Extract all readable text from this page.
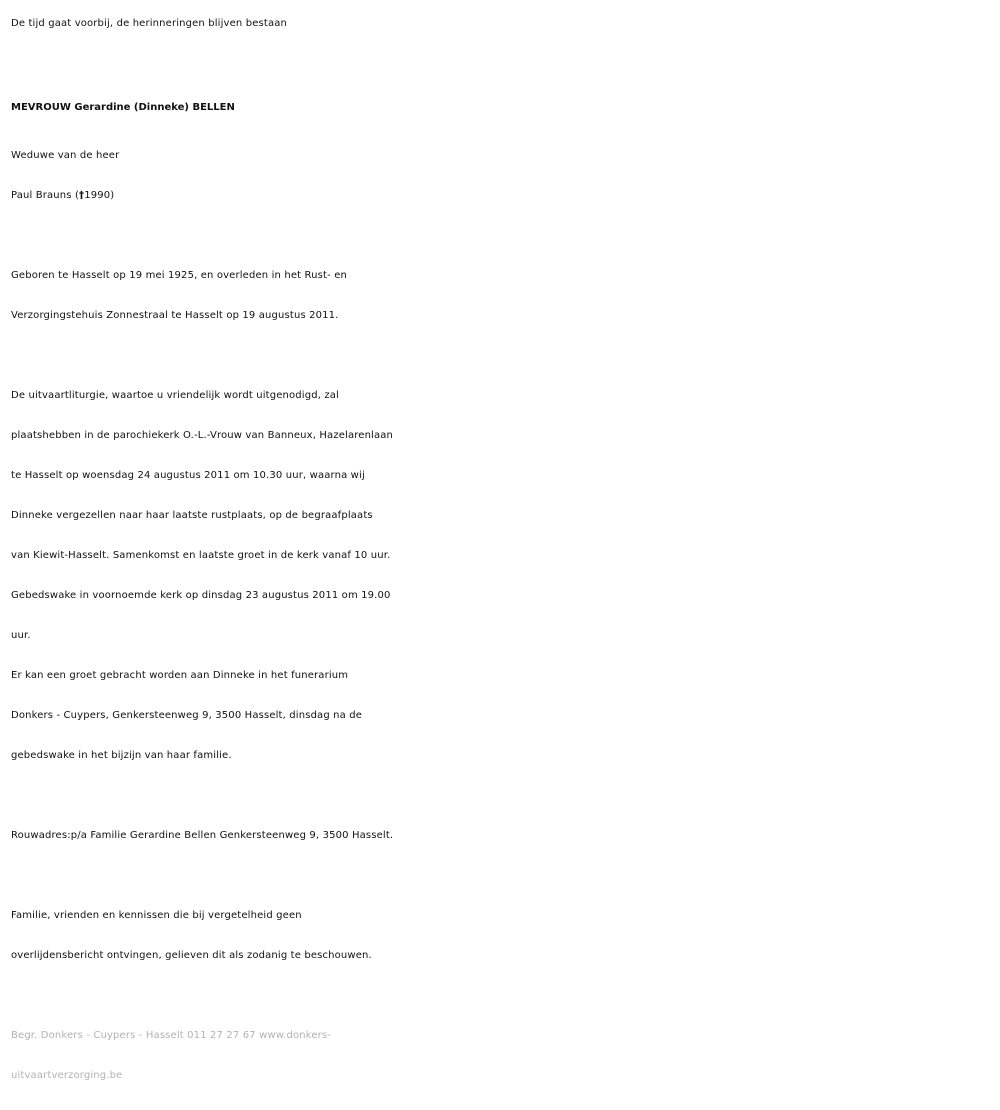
De tijd gaat voorbij, de herinneringen blijven bestaan
MEVROUW Gerardine (Dinneke) BELLEN
Weduwe van de heer
Paul Brauns (†1990)
Geboren te Hasselt op 19 mei 1925, en overleden in het Rust- en
Verzorgingstehuis Zonnestraal te Hasselt op 19 augustus 2011.
De uitvaartliturgie, waartoe u vriendelijk wordt uitgenodigd, zal
plaatshebben in de parochiekerk O.-L.-Vrouw van Banneux, Hazelarenlaan
te Hasselt op woensdag 24 augustus 2011 om 10.30 uur, waarna wij
Dinneke vergezellen naar haar laatste rustplaats, op de begraafplaats
van Kiewit-Hasselt. Samenkomst en laatste groet in de kerk vanaf 10 uur.
Gebedswake in voornoemde kerk op dinsdag 23 augustus 2011 om 19.00
uur.
Er kan een groet gebracht worden aan Dinneke in het funerarium
Donkers - Cuypers, Genkersteenweg 9, 3500 Hasselt, dinsdag na de
gebedswake in het bijzijn van haar familie.
Rouwadres:p/a Familie Gerardine Bellen Genkersteenweg 9, 3500 Hasselt.
Familie, vrienden en kennissen die bij vergetelheid geen
overlijdensbericht ontvingen, gelieven dit als zodanig te beschouwen.
Begr. Donkers - Cuypers - Hasselt 011 27 27 67 www.donkers-
uitvaartverzorging.be
